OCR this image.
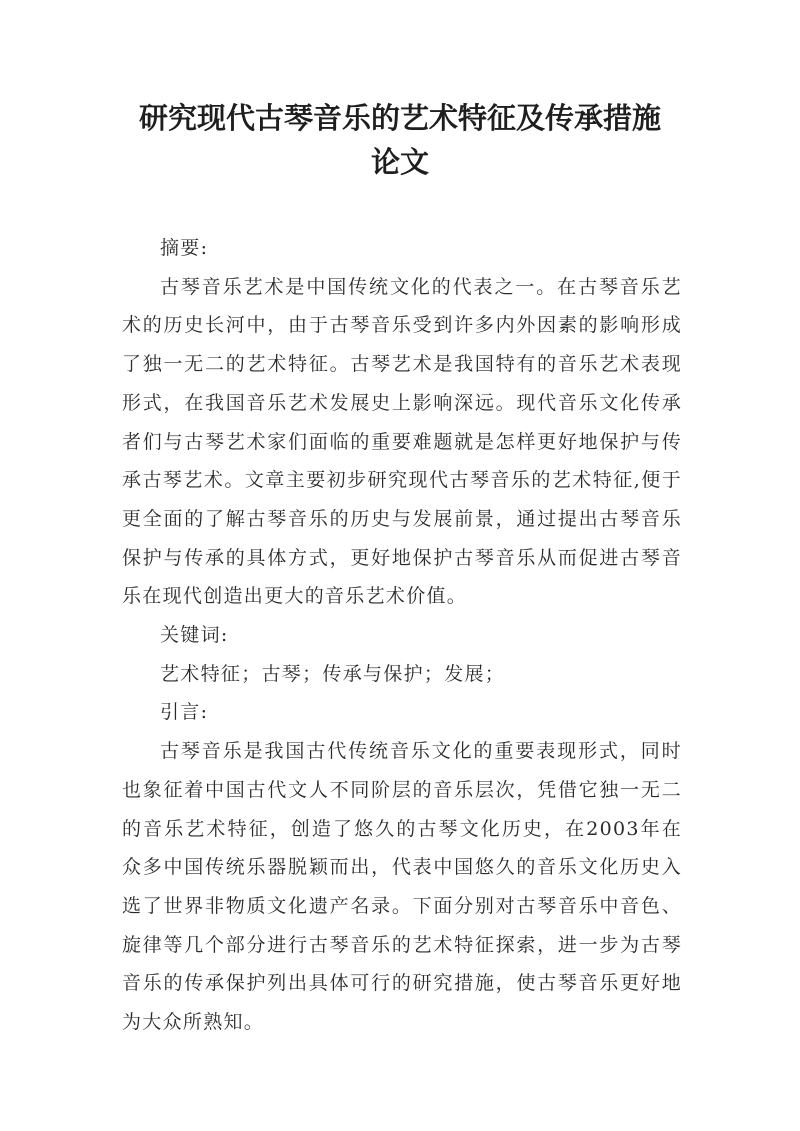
研究现代古琴音乐的艺术特征及传承措施
论文

摘要:

古琴音乐艺术是中国传统文化的代表之一。在古琴音乐艺术的历史长河中，由于古琴音乐受到许多内外因素的影响形成了独一无二的艺术特征。古琴艺术是我国特有的音乐艺术表现形式，在我国音乐艺术发展史上影响深远。现代音乐文化传承者们与古琴艺术家们面临的重要难题就是怎样更好地保护与传承古琴艺术。文章主要初步研究现代古琴音乐的艺术特征,便于更全面的了解古琴音乐的历史与发展前景，通过提出古琴音乐保护与传承的具体方式，更好地保护古琴音乐从而促进古琴音乐在现代创造出更大的音乐艺术价值。

关键词:

艺术特征；古琴；传承与保护；发展；

引言:

古琴音乐是我国古代传统音乐文化的重要表现形式，同时也象征着中国古代文人不同阶层的音乐层次，凭借它独一无二的音乐艺术特征，创造了悠久的古琴文化历史，在2003年在众多中国传统乐器脱颖而出，代表中国悠久的音乐文化历史入选了世界非物质文化遗产名录。下面分别对古琴音乐中音色、旋律等几个部分进行古琴音乐的艺术特征探索，进一步为古琴音乐的传承保护列出具体可行的研究措施，使古琴音乐更好地为大众所熟知。
